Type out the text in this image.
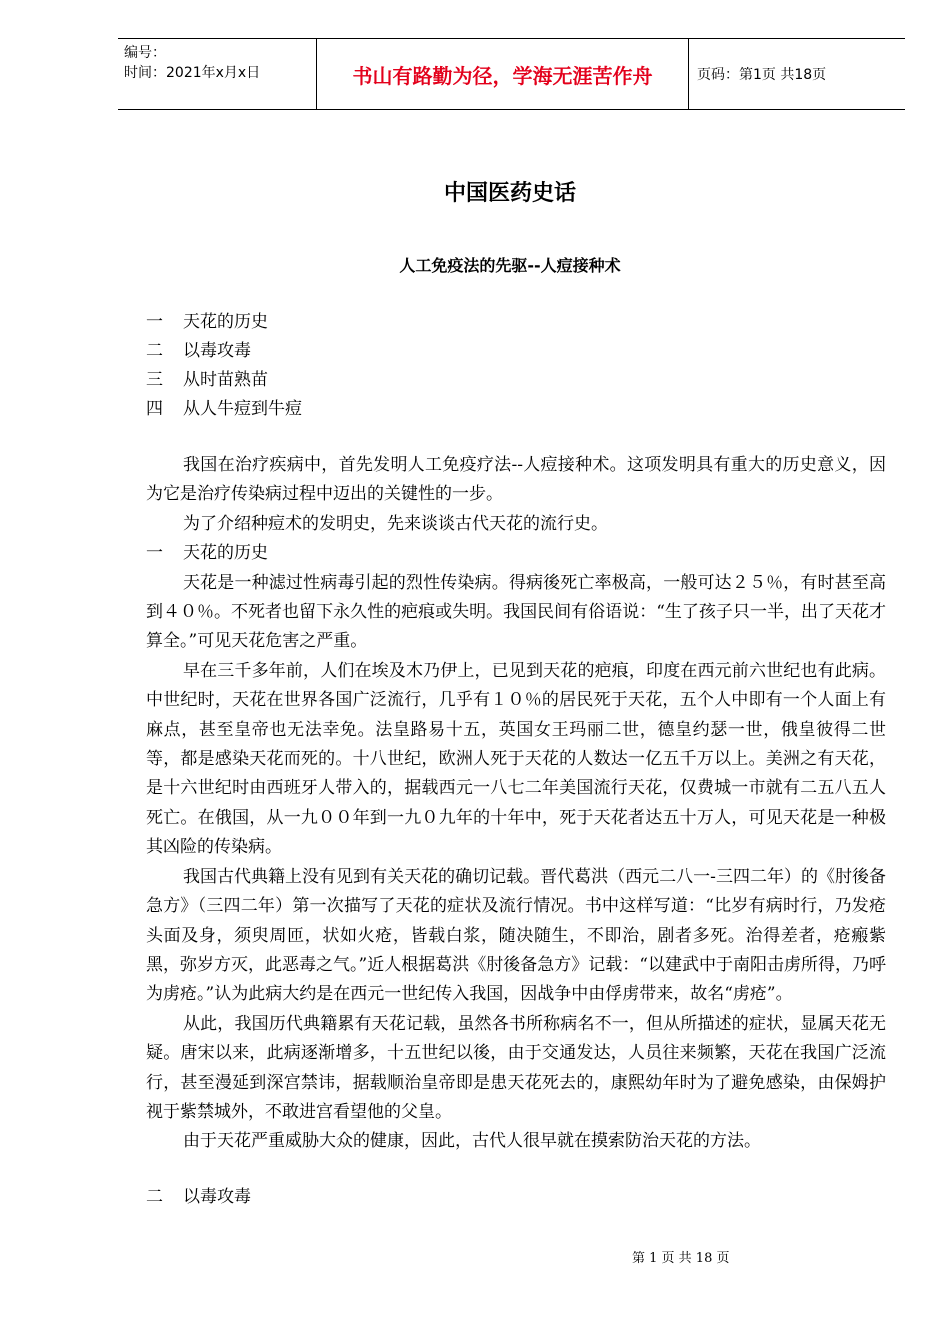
编号：
时间：2021年x月x日	书山有路勤为径，学海无涯苦作舟	页码：第1页 共18页
中国医药史话
人工免疫法的先驱--人痘接种术
一	天花的历史
二	以毒攻毒
三	从时苗熟苗
四	从人牛痘到牛痘

我国在治疗疾病中，首先发明人工免疫疗法--人痘接种术。这项发明具有重大的历史意义，因为它是治疗传染病过程中迈出的关键性的一步。

为了介绍种痘术的发明史，先来谈谈古代天花的流行史。

一	天花的历史

天花是一种滤过性病毒引起的烈性传染病。得病後死亡率极高，一般可达２５％，有时甚至高到４０％。不死者也留下永久性的疤痕或失明。我国民间有俗语说：“生了孩子只一半，出了天花才算全。”可见天花危害之严重。

早在三千多年前，人们在埃及木乃伊上，已见到天花的疤痕，印度在西元前六世纪也有此病。中世纪时，天花在世界各国广泛流行，几乎有１０％的居民死于天花，五个人中即有一个人面上有麻点，甚至皇帝也无法幸免。法皇路易十五，英国女王玛丽二世，德皇约瑟一世，俄皇彼得二世等，都是感染天花而死的。十八世纪，欧洲人死于天花的人数达一亿五千万以上。美洲之有天花，是十六世纪时由西班牙人带入的，据载西元一八七二年美国流行天花，仅费城一市就有二五八五人死亡。在俄国，从一九００年到一九０九年的十年中，死于天花者达五十万人，可见天花是一种极其凶险的传染病。

我国古代典籍上没有见到有关天花的确切记载。晋代葛洪（西元二八一-三四二年）的《肘後备急方》（三四二年）第一次描写了天花的症状及流行情况。书中这样写道：“比岁有病时行，乃发疮头面及身，须臾周匝，状如火疮，皆载白浆，随决随生，不即治，剧者多死。治得差者，疮瘢紫黑，弥岁方灭，此恶毒之气。”近人根据葛洪《肘後备急方》记载：“以建武中于南阳击虏所得，乃呼为虏疮。”认为此病大约是在西元一世纪传入我国，因战争中由俘虏带来，故名“虏疮”。

从此，我国历代典籍累有天花记载，虽然各书所称病名不一，但从所描述的症状，显属天花无疑。唐宋以来，此病逐渐增多，十五世纪以後，由于交通发达，人员往来频繁，天花在我国广泛流行，甚至漫延到深宫禁讳，据载顺治皇帝即是患天花死去的，康熙幼年时为了避免感染，由保姆护视于紫禁城外，不敢进宫看望他的父皇。

由于天花严重威胁大众的健康，因此，古代人很早就在摸索防治天花的方法。

二	以毒攻毒
第 1 页 共 18 页
